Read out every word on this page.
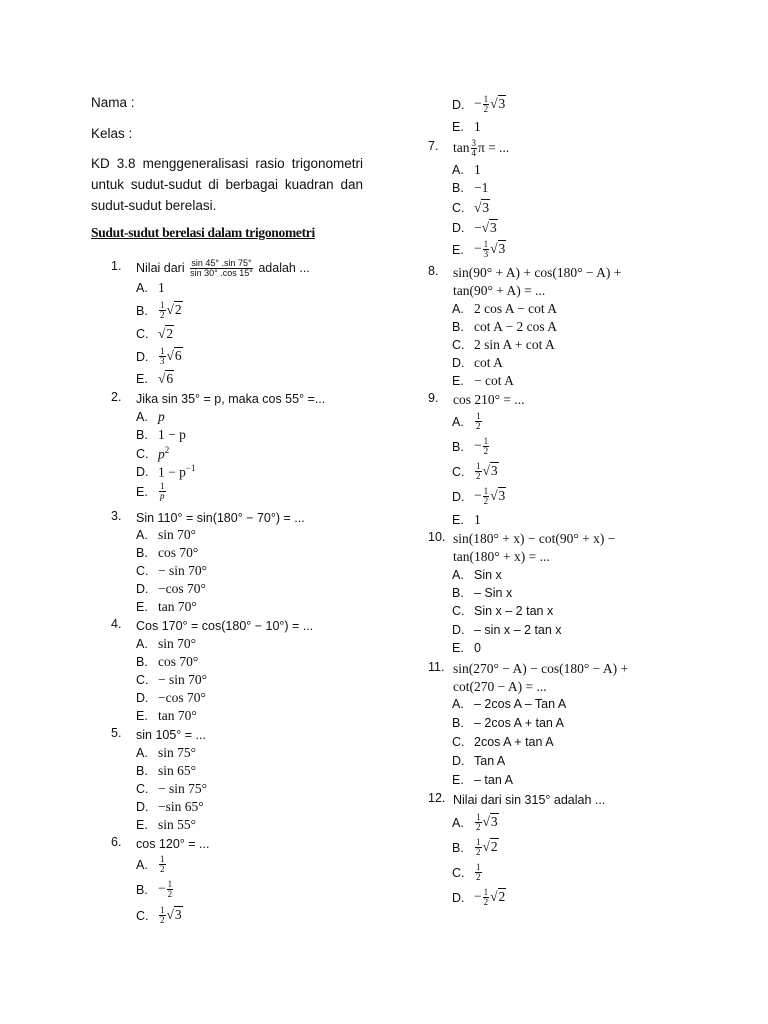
Nama :
Kelas :
KD 3.8 menggeneralisasi rasio trigonometri untuk sudut-sudut di berbagai kuadran dan sudut-sudut berelasi.
Sudut-sudut berelasi dalam trigonometri
1.	Nilai dari $\frac{\sin 45^\circ .\sin 75^\circ}{\sin 30^\circ .\cos 15^\circ}$ adalah ...
A. 1
B.	$\frac{1}{2} √2$
C. √2
D.	$\frac{1}{3} √6$
E. √6
2.	Jika sin 35° = p, maka cos 55° =...
A. p
B. 1 − p
C. $p^2$
D. $1 - p^{-1}$
E.	$\frac{1}{p}$
3.	Sin 110° = sin(180° − 70°) = ...
A. sin 70°
B. cos 70°
C. − sin 70°
D. −cos 70°
E. tan 70°
4.	Cos 170° = cos(180° − 10°) = ...
A. sin 70°
B. cos 70°
C. − sin 70°
D. −cos 70°
E. tan 70°
5.	sin 105° = ...
A. sin 75°
B. sin 65°
C. − sin 75°
D. −sin 65°
E. sin 55°
6.	cos 120° = ...
A.	$\frac{1}{2}$
B. − $\frac{1}{2}$
C.	$\frac{1}{2} √3$
D. − $\frac{1}{2} √3$
E. 1
7.	$\tan \frac{3}{4}$ π = ...
A. 1
B. −1
C. √3
D. −√3
E. − $\frac{1}{3} √3$
8.	sin(90° + A) + cos(180° − A) +
tan(90° + A) = ...
A. 2 cos A − cot A
B. cot A − 2 cos A
C. 2 sin A + cot A
D. cot A
E. − cot A
9.	cos 210° = ...
A.	$\frac{1}{2}$
B. − $\frac{1}{2}$
C.	$\frac{1}{2} √3$
D. − $\frac{1}{2} √3$
E. 1
10. sin(180° + x) − cot(90° + x) −
tan(180° + x) = ...
A. Sin x
B. – Sin x
C. Sin x – 2 tan x
D. – sin x – 2 tan x
E. 0
11. sin(270° − A) − cos(180° − A) +
cot(270 − A) = ...
A. – 2cos A – Tan A
B. – 2cos A + tan A
C. 2cos A + tan A
D. Tan A
E. – tan A
12. Nilai dari sin 315° adalah ...
A.	$\frac{1}{2} √3$
B.	$\frac{1}{2} √2$
C.	$\frac{1}{2}$
D. − $\frac{1}{2} √2$
